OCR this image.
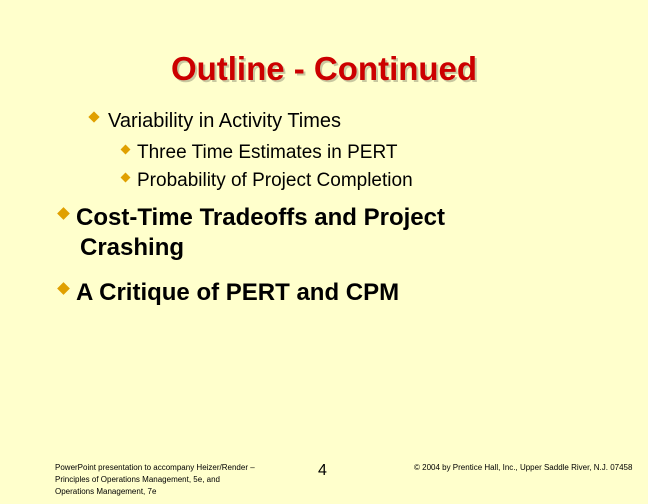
Outline - Continued
Variability in Activity Times
Three Time Estimates in PERT
Probability of Project Completion
Cost-Time Tradeoffs and Project
Crashing
A Critique of PERT and CPM
PowerPoint presentation to accompany Heizer/Render – Principles of Operations Management, 5e, and Operations Management, 7e
4	© 2004 by Prentice Hall, Inc., Upper Saddle River, N.J. 07458
